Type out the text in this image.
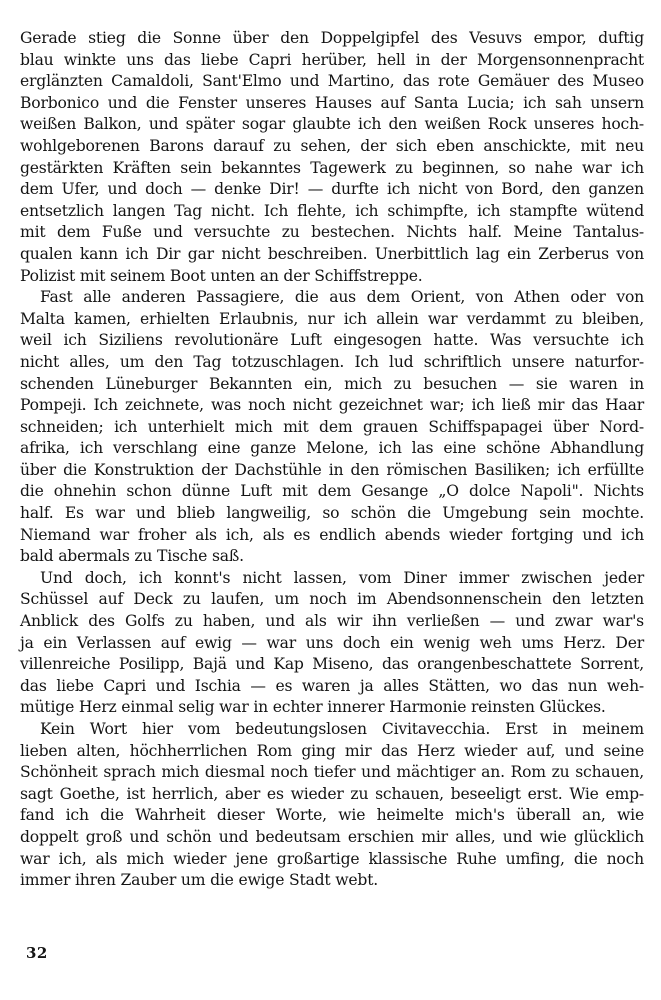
Gerade stieg die Sonne über den Doppelgipfel des Vesuvs empor, duftig
blau winkte uns das liebe Capri herüber, hell in der Morgensonnenpracht
erglänzten Camaldoli, Sant'Elmo und Martino, das rote Gemäuer des Museo
Borbonico und die Fenster unseres Hauses auf Santa Lucia; ich sah unsern
weißen Balkon, und später sogar glaubte ich den weißen Rock unseres hoch-
wohlgeborenen Barons darauf zu sehen, der sich eben anschickte, mit neu
gestärkten Kräften sein bekanntes Tagewerk zu beginnen, so nahe war ich
dem Ufer, und doch — denke Dir! — durfte ich nicht von Bord, den ganzen
entsetzlich langen Tag nicht. Ich flehte, ich schimpfte, ich stampfte wütend
mit dem Fuße und versuchte zu bestechen. Nichts half. Meine Tantalus-
qualen kann ich Dir gar nicht beschreiben. Unerbittlich lag ein Zerberus von
Polizist mit seinem Boot unten an der Schiffstreppe.
Fast alle anderen Passagiere, die aus dem Orient, von Athen oder von
Malta kamen, erhielten Erlaubnis, nur ich allein war verdammt zu bleiben,
weil ich Siziliens revolutionäre Luft eingesogen hatte. Was versuchte ich
nicht alles, um den Tag totzuschlagen. Ich lud schriftlich unsere naturfor-
schenden Lüneburger Bekannten ein, mich zu besuchen — sie waren in
Pompeji. Ich zeichnete, was noch nicht gezeichnet war; ich ließ mir das Haar
schneiden; ich unterhielt mich mit dem grauen Schiffspapagei über Nord-
afrika, ich verschlang eine ganze Melone, ich las eine schöne Abhandlung
über die Konstruktion der Dachstühle in den römischen Basiliken; ich erfüllte
die ohnehin schon dünne Luft mit dem Gesange „O dolce Napoli". Nichts
half. Es war und blieb langweilig, so schön die Umgebung sein mochte.
Niemand war froher als ich, als es endlich abends wieder fortging und ich
bald abermals zu Tische saß.
Und doch, ich konnt's nicht lassen, vom Diner immer zwischen jeder
Schüssel auf Deck zu laufen, um noch im Abendsonnenschein den letzten
Anblick des Golfs zu haben, und als wir ihn verließen — und zwar war's
ja ein Verlassen auf ewig — war uns doch ein wenig weh ums Herz. Der
villenreiche Posilipp, Bajä und Kap Miseno, das orangenbeschattete Sorrent,
das liebe Capri und Ischia — es waren ja alles Stätten, wo das nun weh-
mütige Herz einmal selig war in echter innerer Harmonie reinsten Glückes.
Kein Wort hier vom bedeutungslosen Civitavecchia. Erst in meinem
lieben alten, höchherrlichen Rom ging mir das Herz wieder auf, und seine
Schönheit sprach mich diesmal noch tiefer und mächtiger an. Rom zu schauen,
sagt Goethe, ist herrlich, aber es wieder zu schauen, beseeligt erst. Wie emp-
fand ich die Wahrheit dieser Worte, wie heimelte mich's überall an, wie
doppelt groß und schön und bedeutsam erschien mir alles, und wie glücklich
war ich, als mich wieder jene großartige klassische Ruhe umfing, die noch
immer ihren Zauber um die ewige Stadt webt.
32
